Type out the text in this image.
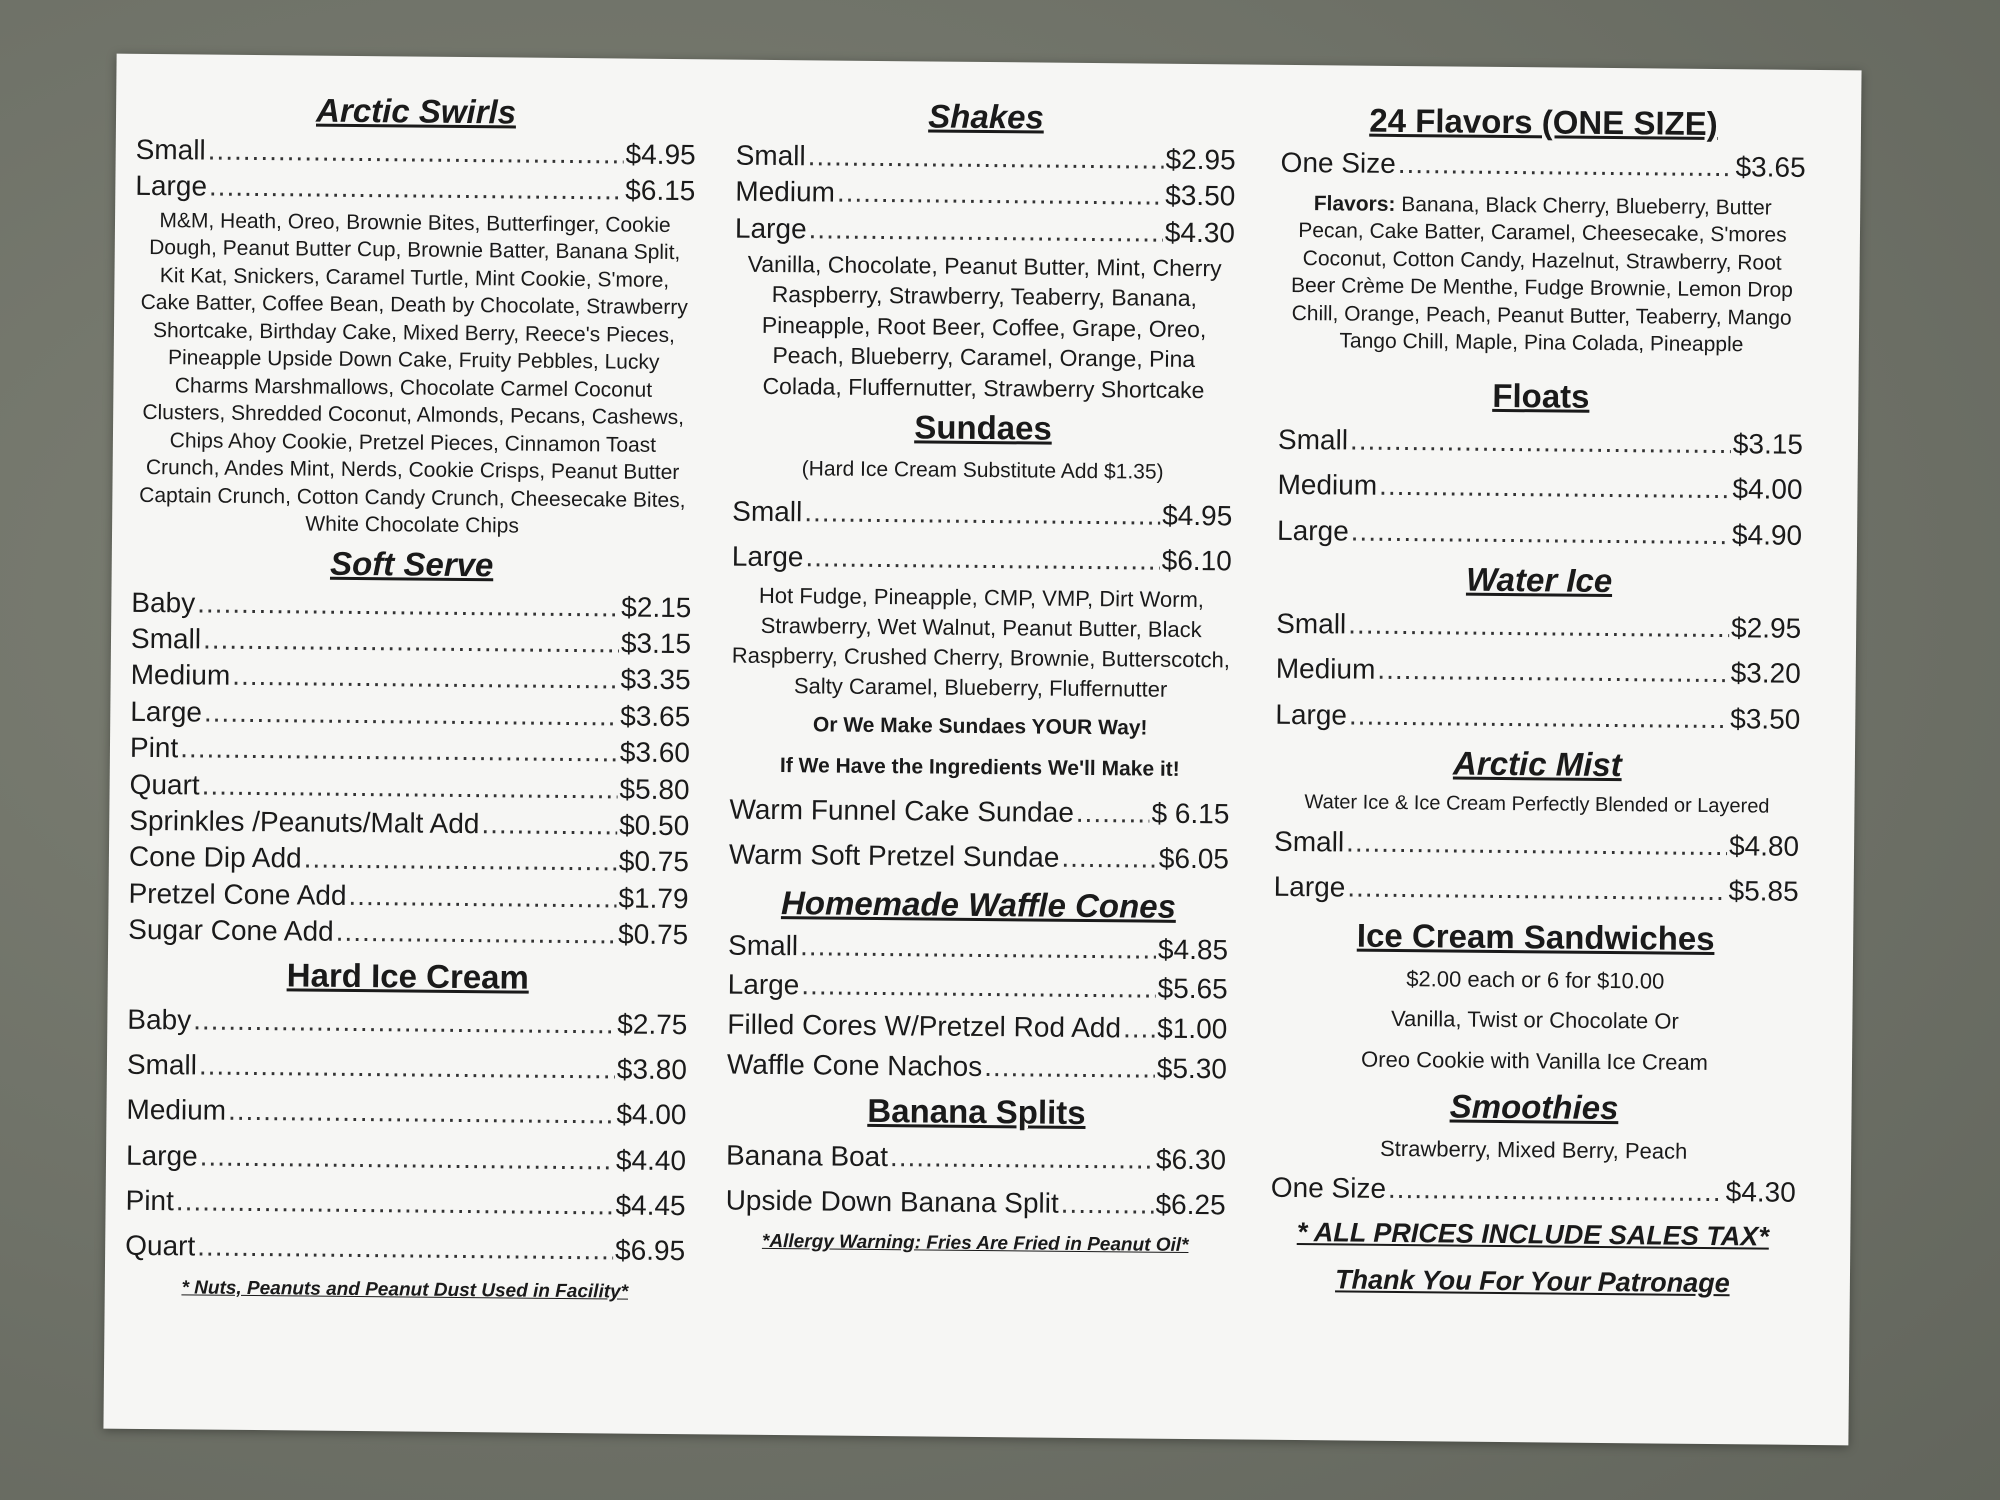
Arctic Swirls
Small .....	$4.95
Large .....	$6.15
M&M, Heath, Oreo, Brownie Bites, Butterfinger, Cookie Dough, Peanut Butter Cup, Brownie Batter, Banana Split, Kit Kat, Snickers, Caramel Turtle, Mint Cookie, S'more, Cake Batter, Coffee Bean, Death by Chocolate, Strawberry Shortcake, Birthday Cake, Mixed Berry, Reece's Pieces, Pineapple Upside Down Cake, Fruity Pebbles, Lucky Charms Marshmallows, Chocolate Carmel Coconut Clusters, Shredded Coconut, Almonds, Pecans, Cashews, Chips Ahoy Cookie, Pretzel Pieces, Cinnamon Toast Crunch, Andes Mint, Nerds, Cookie Crisps, Peanut Butter Captain Crunch, Cotton Candy Crunch, Cheesecake Bites, White Chocolate Chips
Soft Serve
Baby .....	$2.15
Small .....	$3.15
Medium .....	$3.35
Large .....	$3.65
Pint .....	$3.60
Quart .....	$5.80
Sprinkles /Peanuts/Malt Add .....	$0.50
Cone Dip Add .....	$0.75
Pretzel Cone Add .....	$1.79
Sugar Cone Add .....	$0.75
Hard Ice Cream
Baby .....	$2.75
Small .....	$3.80
Medium .....	$4.00
Large .....	$4.40
Pint .....	$4.45
Quart .....	$6.95
* Nuts, Peanuts and Peanut Dust Used in Facility*
Shakes
Small .....	$2.95
Medium .....	$3.50
Large .....	$4.30
Vanilla, Chocolate, Peanut Butter, Mint, Cherry Raspberry, Strawberry, Teaberry, Banana, Pineapple, Root Beer, Coffee, Grape, Oreo, Peach, Blueberry, Caramel, Orange, Pina Colada, Fluffernutter, Strawberry Shortcake
Sundaes
(Hard Ice Cream Substitute Add $1.35)
Small .....	$4.95
Large .....	$6.10
Hot Fudge, Pineapple, CMP, VMP, Dirt Worm, Strawberry, Wet Walnut, Peanut Butter, Black Raspberry, Crushed Cherry, Brownie, Butterscotch, Salty Caramel, Blueberry, Fluffernutter
Or We Make Sundaes YOUR Way!
If We Have the Ingredients We'll Make it!
Warm Funnel Cake Sundae .....	$ 6.15
Warm Soft Pretzel Sundae .....	$6.05
Homemade Waffle Cones
Small .....	$4.85
Large .....	$5.65
Filled Cores W/Pretzel Rod Add ..... $1.00
Waffle Cone Nachos .....	$5.30
Banana Splits
Banana Boat .....	$6.30
Upside Down Banana Split .....	$6.25
*Allergy Warning: Fries Are Fried in Peanut Oil*
24 Flavors (ONE SIZE)
One Size .....	$3.65
Flavors: Banana, Black Cherry, Blueberry, Butter Pecan, Cake Batter, Caramel, Cheesecake, S'mores Coconut, Cotton Candy, Hazelnut, Strawberry, Root Beer Crème De Menthe, Fudge Brownie, Lemon Drop Chill, Orange, Peach, Peanut Butter, Teaberry, Mango Tango Chill, Maple, Pina Colada, Pineapple
Floats
Small .....	$3.15
Medium .....	$4.00
Large .....	$4.90
Water Ice
Small .....	$2.95
Medium .....	$3.20
Large .....	$3.50
Arctic Mist
Water Ice & Ice Cream Perfectly Blended or Layered
Small .....	$4.80
Large .....	$5.85
Ice Cream Sandwiches
$2.00 each or 6 for $10.00
Vanilla, Twist or Chocolate Or
Oreo Cookie with Vanilla Ice Cream
Smoothies
Strawberry, Mixed Berry, Peach
One Size .....	$4.30
* ALL PRICES INCLUDE SALES TAX*
Thank You For Your Patronage
